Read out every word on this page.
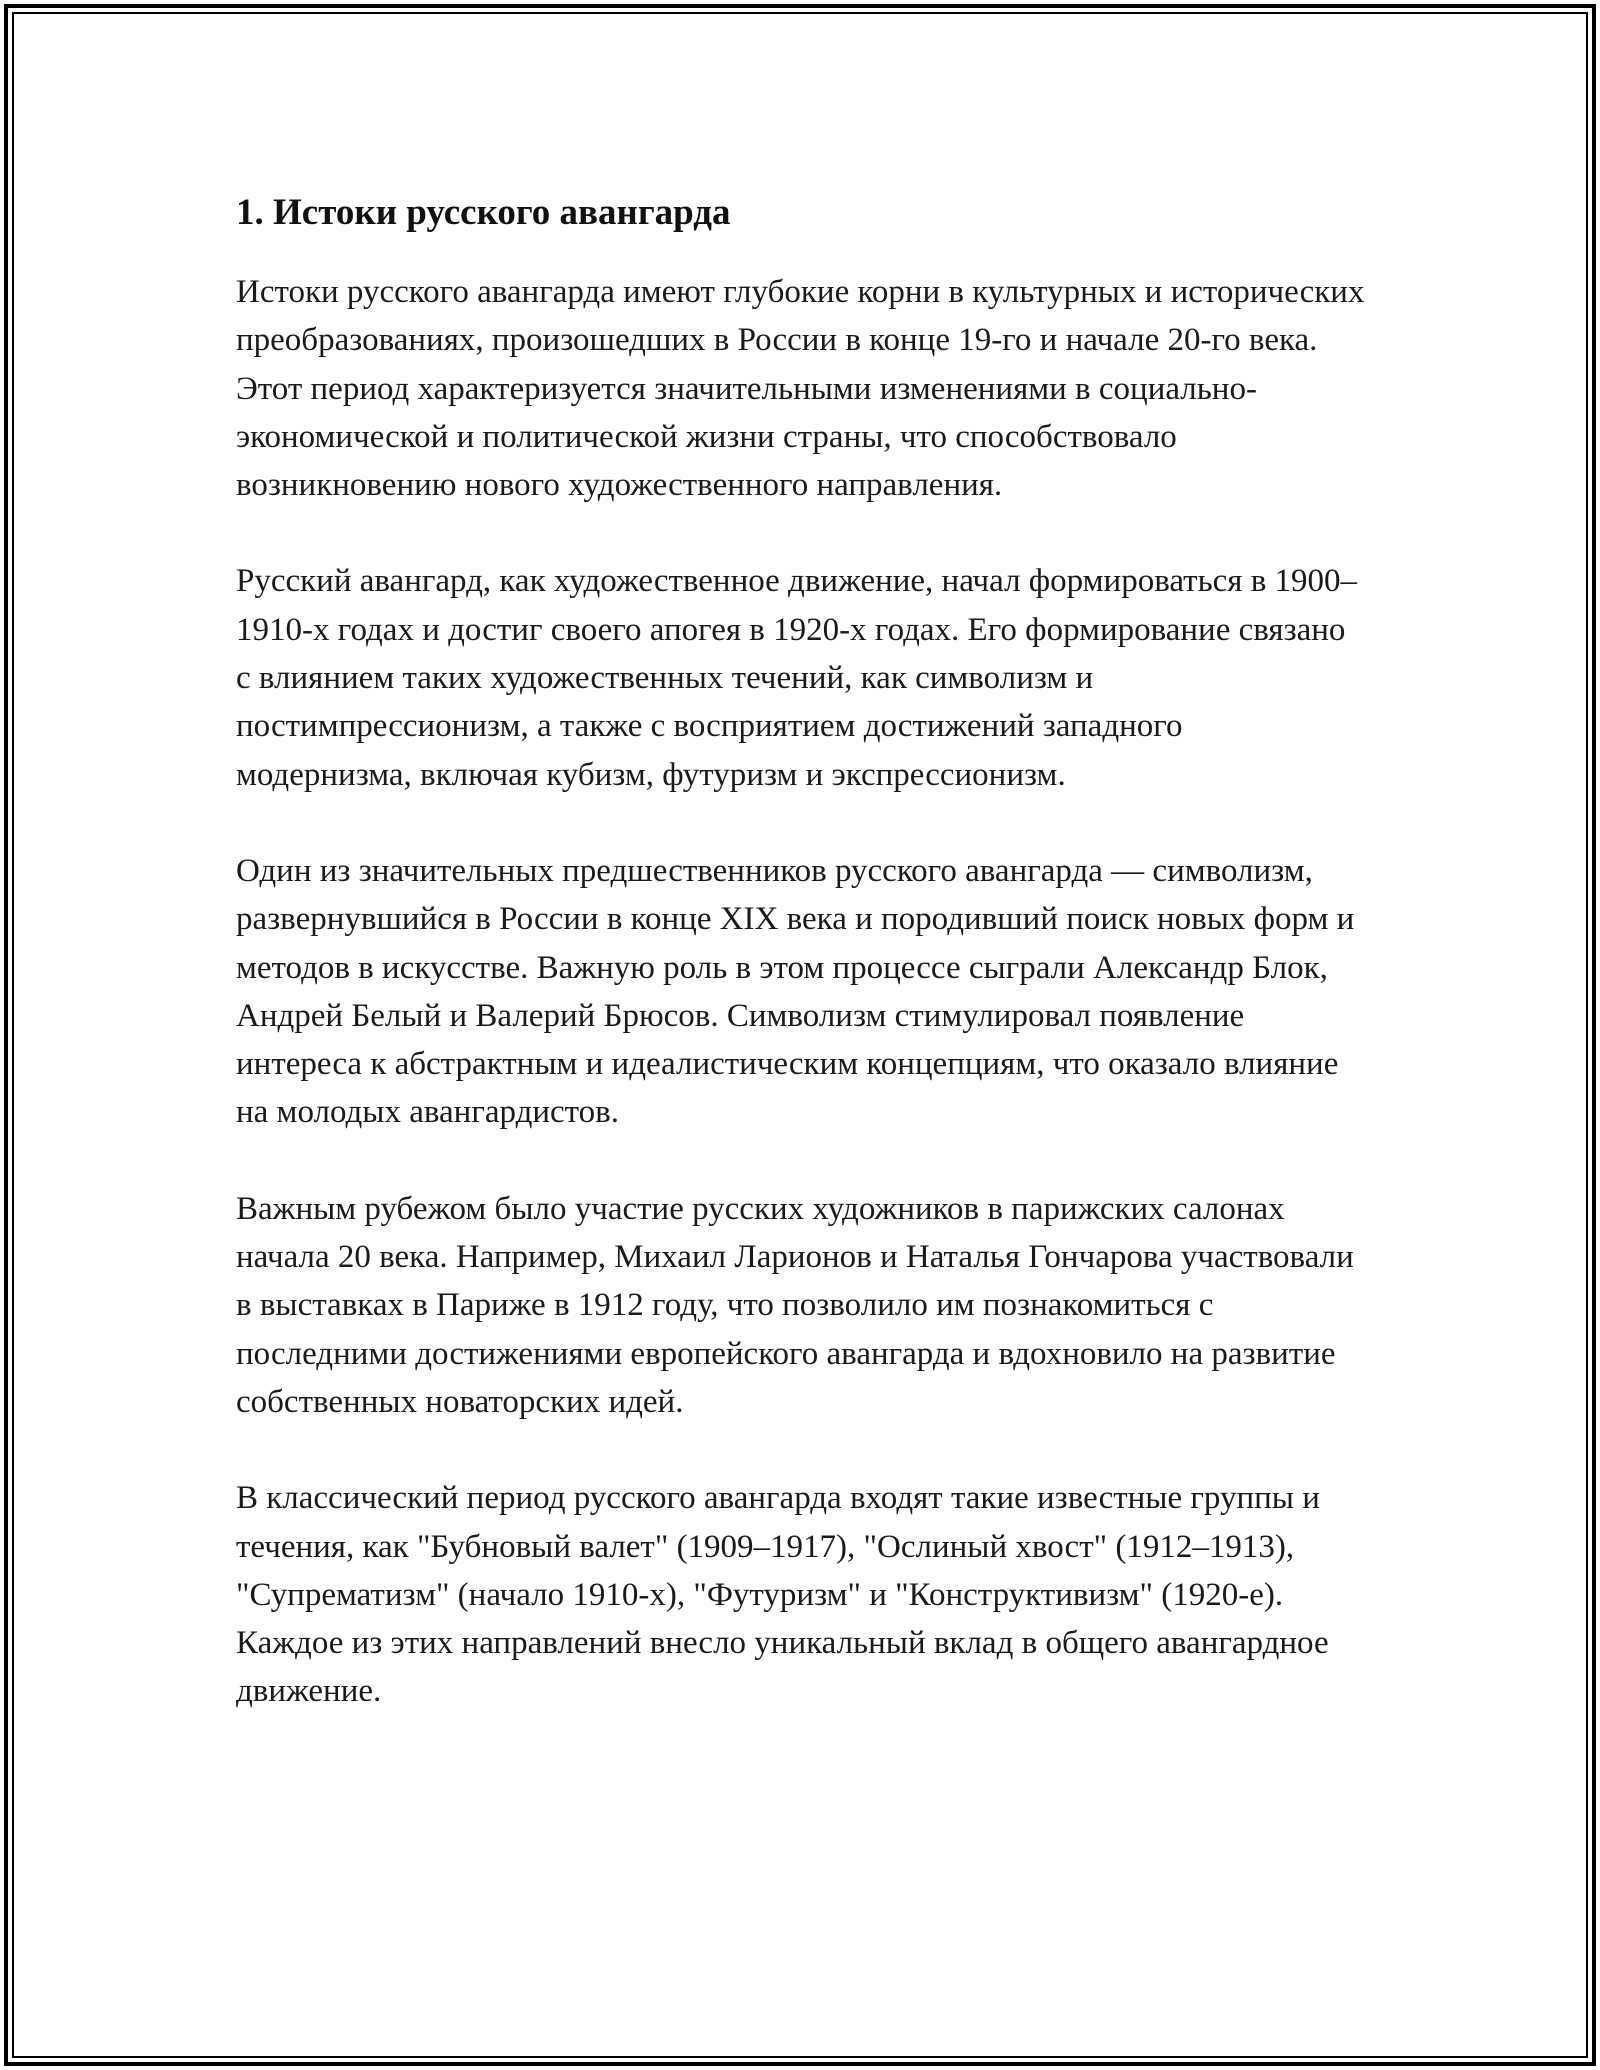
1. Истоки русского авангарда

Истоки русского авангарда имеют глубокие корни в культурных и исторических преобразованиях, произошедших в России в конце 19-го и начале 20-го века. Этот период характеризуется значительными изменениями в социально-экономической и политической жизни страны, что способствовало возникновению нового художественного направления.

Русский авангард, как художественное движение, начал формироваться в 1900–1910-х годах и достиг своего апогея в 1920-х годах. Его формирование связано с влиянием таких художественных течений, как символизм и постимпрессионизм, а также с восприятием достижений западного модернизма, включая кубизм, футуризм и экспрессионизм.

Один из значительных предшественников русского авангарда — символизм, развернувшийся в России в конце XIX века и породивший поиск новых форм и методов в искусстве. Важную роль в этом процессе сыграли Александр Блок, Андрей Белый и Валерий Брюсов. Символизм стимулировал появление интереса к абстрактным и идеалистическим концепциям, что оказало влияние на молодых авангардистов.

Важным рубежом было участие русских художников в парижских салонах начала 20 века. Например, Михаил Ларионов и Наталья Гончарова участвовали в выставках в Париже в 1912 году, что позволило им познакомиться с последними достижениями европейского авангарда и вдохновило на развитие собственных новаторских идей.

В классический период русского авангарда входят такие известные группы и течения, как "Бубновый валет" (1909–1917), "Ослиный хвост" (1912–1913), "Супрематизм" (начало 1910-х), "Футуризм" и "Конструктивизм" (1920-е). Каждое из этих направлений внесло уникальный вклад в общего авангардное движение.
